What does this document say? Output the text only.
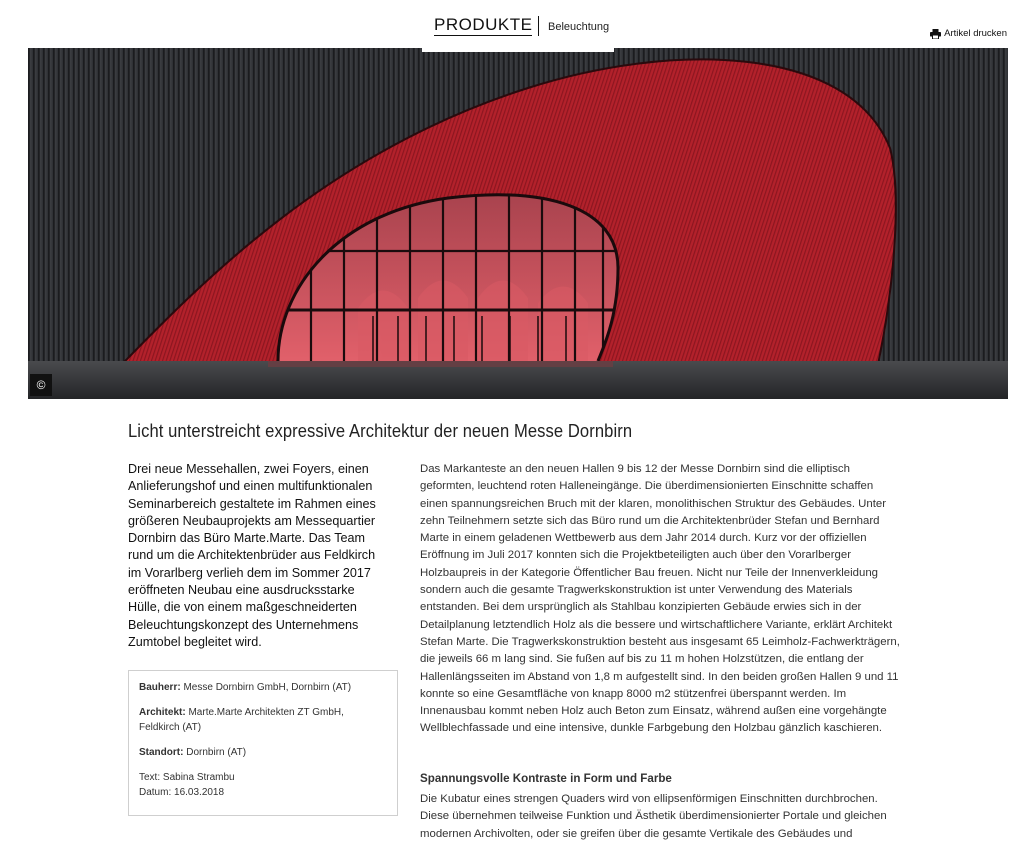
PRODUKTE Beleuchtung
Artikel drucken
©
Licht unterstreicht expressive Architektur der neuen Messe Dornbirn

Drei neue Messehallen, zwei Foyers, einen Anlieferungshof und einen multifunktionalen Seminarbereich gestaltete im Rahmen eines größeren Neubauprojekts am Messequartier Dornbirn das Büro Marte.Marte. Das Team rund um die Architektenbrüder aus Feldkirch im Vorarlberg verlieh dem im Sommer 2017 eröffneten Neubau eine ausdrucksstarke Hülle, die von einem maßgeschneiderten Beleuchtungskonzept des Unternehmens Zumtobel begleitet wird.

Bauherr: Messe Dornbirn GmbH, Dornbirn (AT)

Architekt: Marte.Marte Architekten ZT GmbH, Feldkirch (AT)

Standort: Dornbirn (AT)

Text: Sabina Strambu
Datum: 16.03.2018

Das Markanteste an den neuen Hallen 9 bis 12 der Messe Dornbirn sind die elliptisch geformten, leuchtend roten Halleneingänge. Die überdimensionierten Einschnitte schaffen einen spannungsreichen Bruch mit der klaren, monolithischen Struktur des Gebäudes. Unter zehn Teilnehmern setzte sich das Büro rund um die Architektenbrüder Stefan und Bernhard Marte in einem geladenen Wettbewerb aus dem Jahr 2014 durch. Kurz vor der offiziellen Eröffnung im Juli 2017 konnten sich die Projektbeteiligten auch über den Vorarlberger Holzbaupreis in der Kategorie Öffentlicher Bau freuen. Nicht nur Teile der Innenverkleidung sondern auch die gesamte Tragwerkskonstruktion ist unter Verwendung des Materials entstanden. Bei dem ursprünglich als Stahlbau konzipierten Gebäude erwies sich in der Detailplanung letztendlich Holz als die bessere und wirtschaftlichere Variante, erklärt Architekt Stefan Marte. Die Tragwerkskonstruktion besteht aus insgesamt 65 Leimholz-Fachwerkträgern, die jeweils 66 m lang sind. Sie fußen auf bis zu 11 m hohen Holzstützen, die entlang der Hallenlängsseiten im Abstand von 1,8 m aufgestellt sind. In den beiden großen Hallen 9 und 11 konnte so eine Gesamtfläche von knapp 8000 m2 stützenfrei überspannt werden. Im Innenausbau kommt neben Holz auch Beton zum Einsatz, während außen eine vorgehängte Wellblechfassade und eine intensive, dunkle Farbgebung den Holzbau gänzlich kaschieren.

Spannungsvolle Kontraste in Form und Farbe

Die Kubatur eines strengen Quaders wird von ellipsenförmigen Einschnitten durchbrochen. Diese übernehmen teilweise Funktion und Ästhetik überdimensionierter Portale und gleichen modernen Archivolten, oder sie greifen über die gesamte Vertikale des Gebäudes und
